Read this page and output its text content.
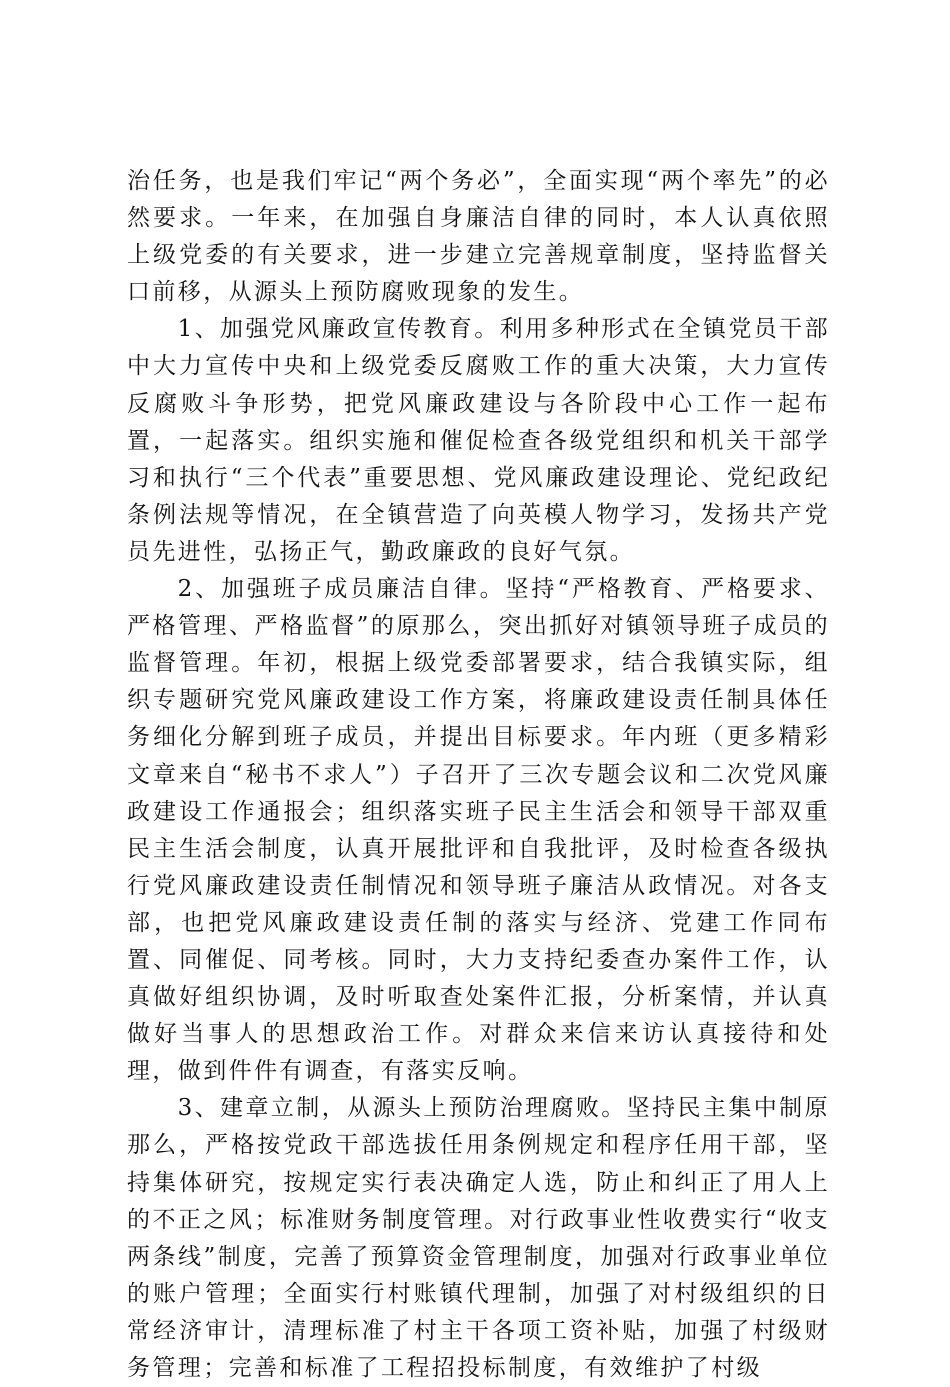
治任务，也是我们牢记“两个务必”，全面实现“两个率先”的必然要求。一年来，在加强自身廉洁自律的同时，本人认真依照上级党委的有关要求，进一步建立完善规章制度，坚持监督关口前移，从源头上预防腐败现象的发生。

1、加强党风廉政宣传教育。利用多种形式在全镇党员干部中大力宣传中央和上级党委反腐败工作的重大决策，大力宣传反腐败斗争形势，把党风廉政建设与各阶段中心工作一起布置，一起落实。组织实施和催促检查各级党组织和机关干部学习和执行“三个代表”重要思想、党风廉政建设理论、党纪政纪条例法规等情况，在全镇营造了向英模人物学习，发扬共产党员先进性，弘扬正气，勤政廉政的良好气氛。

2、加强班子成员廉洁自律。坚持“严格教育、严格要求、严格管理、严格监督”的原那么，突出抓好对镇领导班子成员的监督管理。年初，根据上级党委部署要求，结合我镇实际，组织专题研究党风廉政建设工作方案，将廉政建设责任制具体任务细化分解到班子成员，并提出目标要求。年内班（更多精彩文章来自“秘书不求人”）子召开了三次专题会议和二次党风廉政建设工作通报会；组织落实班子民主生活会和领导干部双重民主生活会制度，认真开展批评和自我批评，及时检查各级执行党风廉政建设责任制情况和领导班子廉洁从政情况。对各支部，也把党风廉政建设责任制的落实与经济、党建工作同布置、同催促、同考核。同时，大力支持纪委查办案件工作，认真做好组织协调，及时听取查处案件汇报，分析案情，并认真做好当事人的思想政治工作。对群众来信来访认真接待和处理，做到件件有调查，有落实反响。

3、建章立制，从源头上预防治理腐败。坚持民主集中制原那么，严格按党政干部选拔任用条例规定和程序任用干部，坚持集体研究，按规定实行表决确定人选，防止和纠正了用人上的不正之风；标准财务制度管理。对行政事业性收费实行“收支两条线”制度，完善了预算资金管理制度，加强对行政事业单位的账户管理；全面实行村账镇代理制，加强了对村级组织的日常经济审计，清理标准了村主干各项工资补贴，加强了村级财务管理；完善和标准了工程招投标制度，有效维护了村级
